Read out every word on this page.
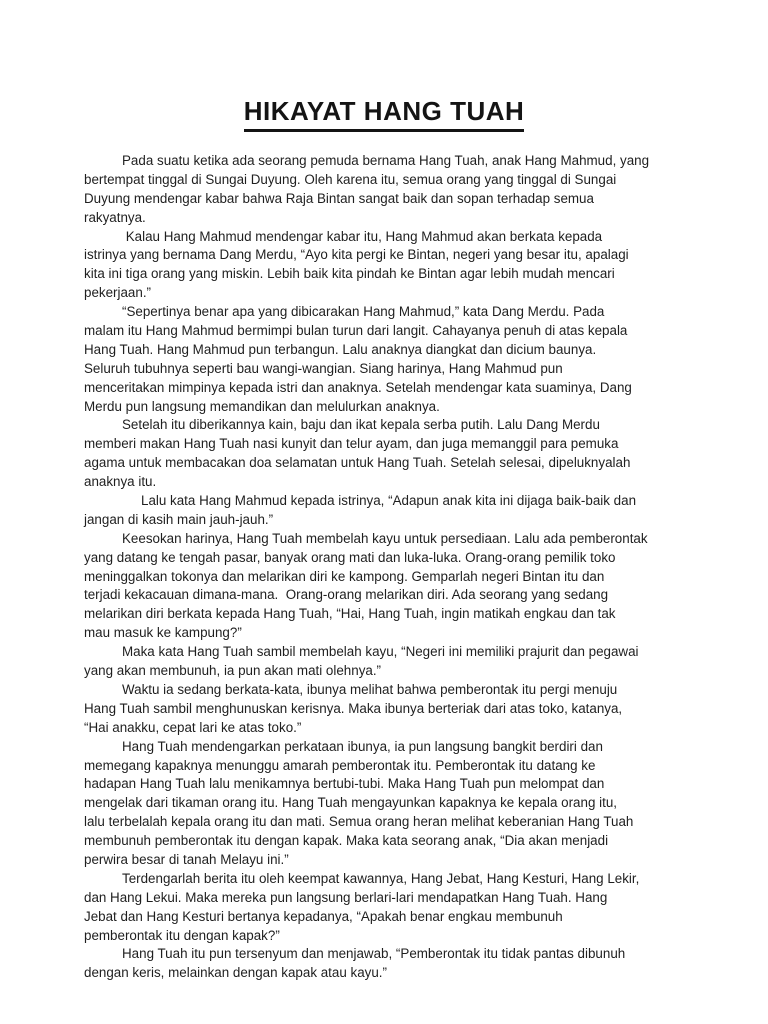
HIKAYAT HANG TUAH

Pada suatu ketika ada seorang pemuda bernama Hang Tuah, anak Hang Mahmud, yang
bertempat tinggal di Sungai Duyung. Oleh karena itu, semua orang yang tinggal di Sungai
Duyung mendengar kabar bahwa Raja Bintan sangat baik dan sopan terhadap semua
rakyatnya.

Kalau Hang Mahmud mendengar kabar itu, Hang Mahmud akan berkata kepada
istrinya yang bernama Dang Merdu, “Ayo kita pergi ke Bintan, negeri yang besar itu, apalagi
kita ini tiga orang yang miskin. Lebih baik kita pindah ke Bintan agar lebih mudah mencari
pekerjaan.”

“Sepertinya benar apa yang dibicarakan Hang Mahmud,” kata Dang Merdu. Pada
malam itu Hang Mahmud bermimpi bulan turun dari langit. Cahayanya penuh di atas kepala
Hang Tuah. Hang Mahmud pun terbangun. Lalu anaknya diangkat dan dicium baunya.
Seluruh tubuhnya seperti bau wangi-wangian. Siang harinya, Hang Mahmud pun
menceritakan mimpinya kepada istri dan anaknya. Setelah mendengar kata suaminya, Dang
Merdu pun langsung memandikan dan melulurkan anaknya.

Setelah itu diberikannya kain, baju dan ikat kepala serba putih. Lalu Dang Merdu
memberi makan Hang Tuah nasi kunyit dan telur ayam, dan juga memanggil para pemuka
agama untuk membacakan doa selamatan untuk Hang Tuah. Setelah selesai, dipeluknyalah
anaknya itu.

Lalu kata Hang Mahmud kepada istrinya, “Adapun anak kita ini dijaga baik-baik dan
jangan di kasih main jauh-jauh.”

Keesokan harinya, Hang Tuah membelah kayu untuk persediaan. Lalu ada pemberontak
yang datang ke tengah pasar, banyak orang mati dan luka-luka. Orang-orang pemilik toko
meninggalkan tokonya dan melarikan diri ke kampong. Gemparlah negeri Bintan itu dan
terjadi kekacauan dimana-mana.  Orang-orang melarikan diri. Ada seorang yang sedang
melarikan diri berkata kepada Hang Tuah, “Hai, Hang Tuah, ingin matikah engkau dan tak
mau masuk ke kampung?”

Maka kata Hang Tuah sambil membelah kayu, “Negeri ini memiliki prajurit dan pegawai
yang akan membunuh, ia pun akan mati olehnya.”

Waktu ia sedang berkata-kata, ibunya melihat bahwa pemberontak itu pergi menuju
Hang Tuah sambil menghunuskan kerisnya. Maka ibunya berteriak dari atas toko, katanya,
“Hai anakku, cepat lari ke atas toko.”

Hang Tuah mendengarkan perkataan ibunya, ia pun langsung bangkit berdiri dan
memegang kapaknya menunggu amarah pemberontak itu. Pemberontak itu datang ke
hadapan Hang Tuah lalu menikamnya bertubi-tubi. Maka Hang Tuah pun melompat dan
mengelak dari tikaman orang itu. Hang Tuah mengayunkan kapaknya ke kepala orang itu,
lalu terbelalah kepala orang itu dan mati. Semua orang heran melihat keberanian Hang Tuah
membunuh pemberontak itu dengan kapak. Maka kata seorang anak, “Dia akan menjadi
perwira besar di tanah Melayu ini.”

Terdengarlah berita itu oleh keempat kawannya, Hang Jebat, Hang Kesturi, Hang Lekir,
dan Hang Lekui. Maka mereka pun langsung berlari-lari mendapatkan Hang Tuah. Hang
Jebat dan Hang Kesturi bertanya kepadanya, “Apakah benar engkau membunuh
pemberontak itu dengan kapak?”

Hang Tuah itu pun tersenyum dan menjawab, “Pemberontak itu tidak pantas dibunuh
dengan keris, melainkan dengan kapak atau kayu.”
